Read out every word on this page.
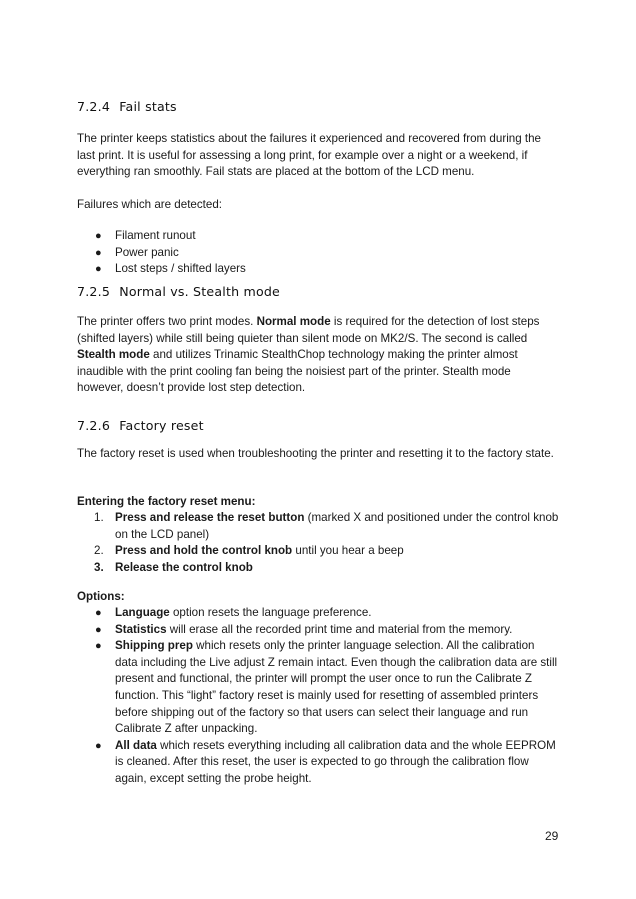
7.2.4 Fail stats

The printer keeps statistics about the failures it experienced and recovered from during the last print. It is useful for assessing a long print, for example over a night or a weekend, if everything ran smoothly. Fail stats are placed at the bottom of the LCD menu.

Failures which are detected:

● Filament runout
● Power panic
● Lost steps / shifted layers
7.2.5 Normal vs. Stealth mode

The printer offers two print modes. Normal mode is required for the detection of lost steps (shifted layers) while still being quieter than silent mode on MK2/S. The second is called Stealth mode and utilizes Trinamic StealthChop technology making the printer almost inaudible with the print cooling fan being the noisiest part of the printer. Stealth mode however, doesn’t provide lost step detection.

7.2.6 Factory reset

The factory reset is used when troubleshooting the printer and resetting it to the factory state.

Entering the factory reset menu:

1. Press and release the reset button (marked X and positioned under the control knob on the LCD panel)
2. Press and hold the control knob until you hear a beep
3. Release the control knob

Options:

● Language option resets the language preference.
● Statistics will erase all the recorded print time and material from the memory.
● Shipping prep which resets only the printer language selection. All the calibration data including the Live adjust Z remain intact. Even though the calibration data are still present and functional, the printer will prompt the user once to run the Calibrate Z function. This “light” factory reset is mainly used for resetting of assembled printers before shipping out of the factory so that users can select their language and run Calibrate Z after unpacking.
● All data which resets everything including all calibration data and the whole EEPROM is cleaned. After this reset, the user is expected to go through the calibration flow again, except setting the probe height.
29
